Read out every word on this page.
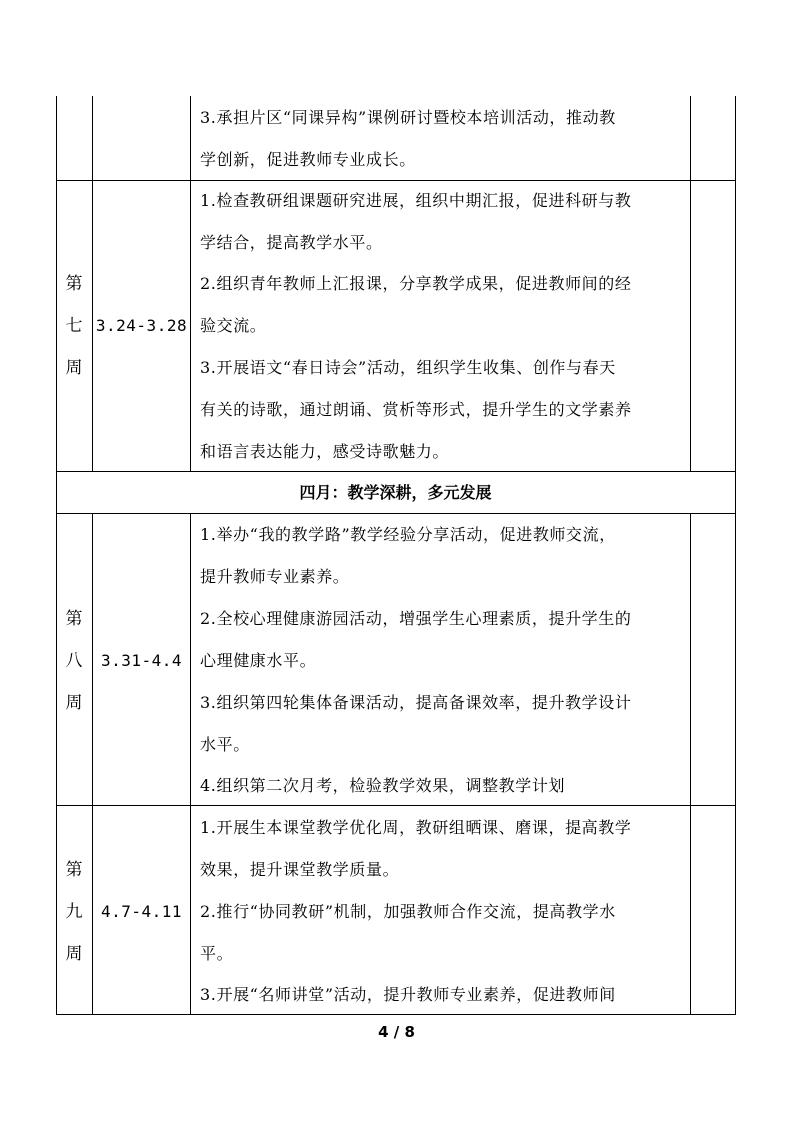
3.承担片区“同课异构”课例研讨暨校本培训活动，推动教
学创新，促进教师专业成长。
第
七
周
3.24-3.28
1.检查教研组课题研究进展，组织中期汇报，促进科研与教
学结合，提高教学水平。
2.组织青年教师上汇报课，分享教学成果，促进教师间的经
验交流。
3.开展语文“春日诗会”活动，组织学生收集、创作与春天
有关的诗歌，通过朗诵、赏析等形式，提升学生的文学素养
和语言表达能力，感受诗歌魅力。
四月：教学深耕，多元发展
第
八
周
3.31-4.4
1.举办“我的教学路”教学经验分享活动，促进教师交流，
提升教师专业素养。
2.全校心理健康游园活动，增强学生心理素质，提升学生的
心理健康水平。
3.组织第四轮集体备课活动，提高备课效率，提升教学设计
水平。
4.组织第二次月考，检验教学效果，调整教学计划
第
九
周
4.7-4.11
1.开展生本课堂教学优化周，教研组晒课、磨课，提高教学
效果，提升课堂教学质量。
2.推行“协同教研”机制，加强教师合作交流，提高教学水
平。
3.开展“名师讲堂”活动，提升教师专业素养，促进教师间
4 / 8
